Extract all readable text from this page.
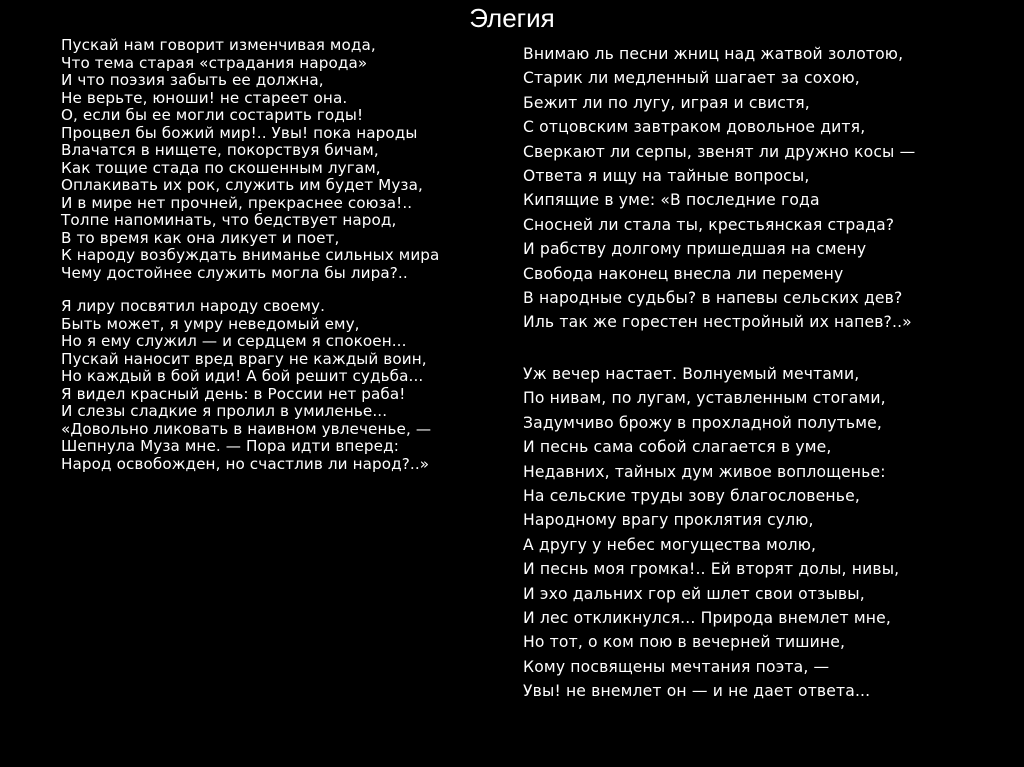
Элегия
Пускай нам говорит изменчивая мода,
Что тема старая «страдания народа»
И что поэзия забыть ее должна,
Не верьте, юноши! не стареет она.
О, если бы ее могли состарить годы!
Процвел бы божий мир!.. Увы! пока народы
Влачатся в нищете, покорствуя бичам,
Как тощие стада по скошенным лугам,
Оплакивать их рок, служить им будет Муза,
И в мире нет прочней, прекраснее союза!..
Толпе напоминать, что бедствует народ,
В то время как она ликует и поет,
К народу возбуждать вниманье сильных мира
Чему достойнее служить могла бы лира?..
Я лиру посвятил народу своему.
Быть может, я умру неведомый ему,
Но я ему служил — и сердцем я спокоен...
Пускай наносит вред врагу не каждый воин,
Но каждый в бой иди! А бой решит судьба...
Я видел красный день: в России нет раба!
И слезы сладкие я пролил в умиленье...
«Довольно ликовать в наивном увлеченье, —
Шепнула Муза мне. — Пора идти вперед:
Народ освобожден, но счастлив ли народ?..»
Внимаю ль песни жниц над жатвой золотою,
Старик ли медленный шагает за сохою,
Бежит ли по лугу, играя и свистя,
С отцовским завтраком довольное дитя,
Сверкают ли серпы, звенят ли дружно косы —
Ответа я ищу на тайные вопросы,
Кипящие в уме: «В последние года
Сносней ли стала ты, крестьянская страда?
И рабству долгому пришедшая на смену
Свобода наконец внесла ли перемену
В народные судьбы? в напевы сельских дев?
Иль так же горестен нестройный их напев?..»
Уж вечер настает. Волнуемый мечтами,
По нивам, по лугам, уставленным стогами,
Задумчиво брожу в прохладной полутьме,
И песнь сама собой слагается в уме,
Недавних, тайных дум живое воплощенье:
На сельские труды зову благословенье,
Народному врагу проклятия сулю,
А другу у небес могущества молю,
И песнь моя громка!.. Ей вторят долы, нивы,
И эхо дальних гор ей шлет свои отзывы,
И лес откликнулся... Природа внемлет мне,
Но тот, о ком пою в вечерней тишине,
Кому посвящены мечтания поэта, —
Увы! не внемлет он — и не дает ответа...
